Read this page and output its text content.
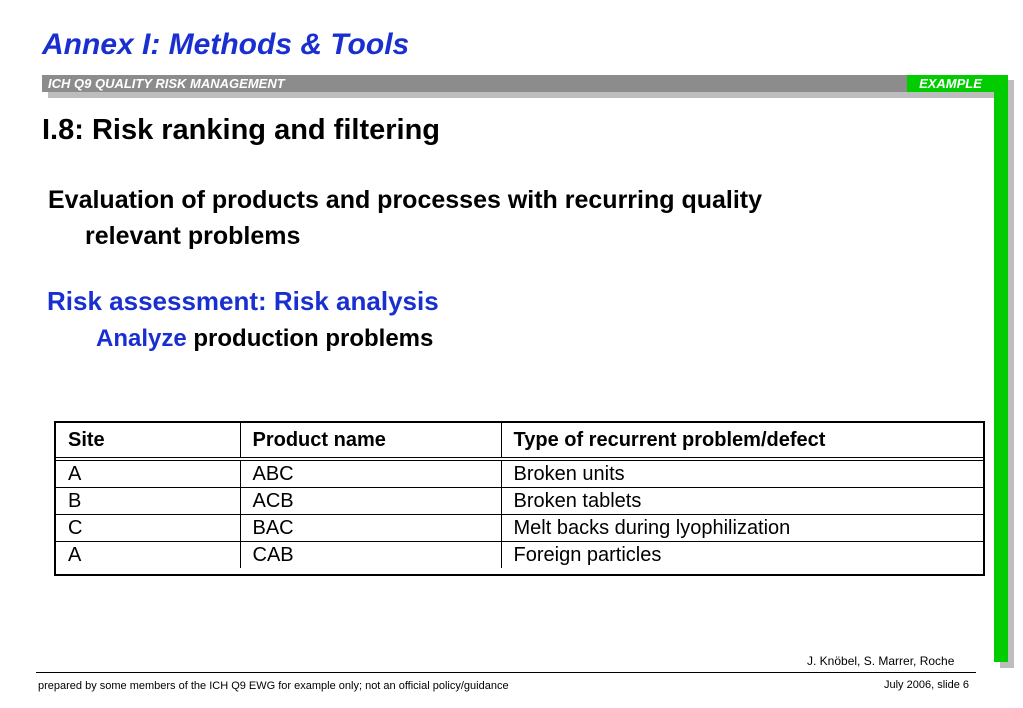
Annex I: Methods & Tools
ICH Q9 QUALITY RISK MANAGEMENT	EXAMPLE
I.8: Risk ranking and filtering
Evaluation of products and processes with recurring quality
relevant problems
Risk assessment: Risk analysis
Analyze production problems
Site	Product name	Type of recurrent problem/defect
A	ABC	Broken units
B	ACB	Broken tablets
C	BAC	Melt backs during lyophilization
A	CAB	Foreign particles
J. Knöbel, S. Marrer, Roche
prepared by some members of the ICH Q9 EWG for example only; not an official policy/guidance	July 2006, slide 6
